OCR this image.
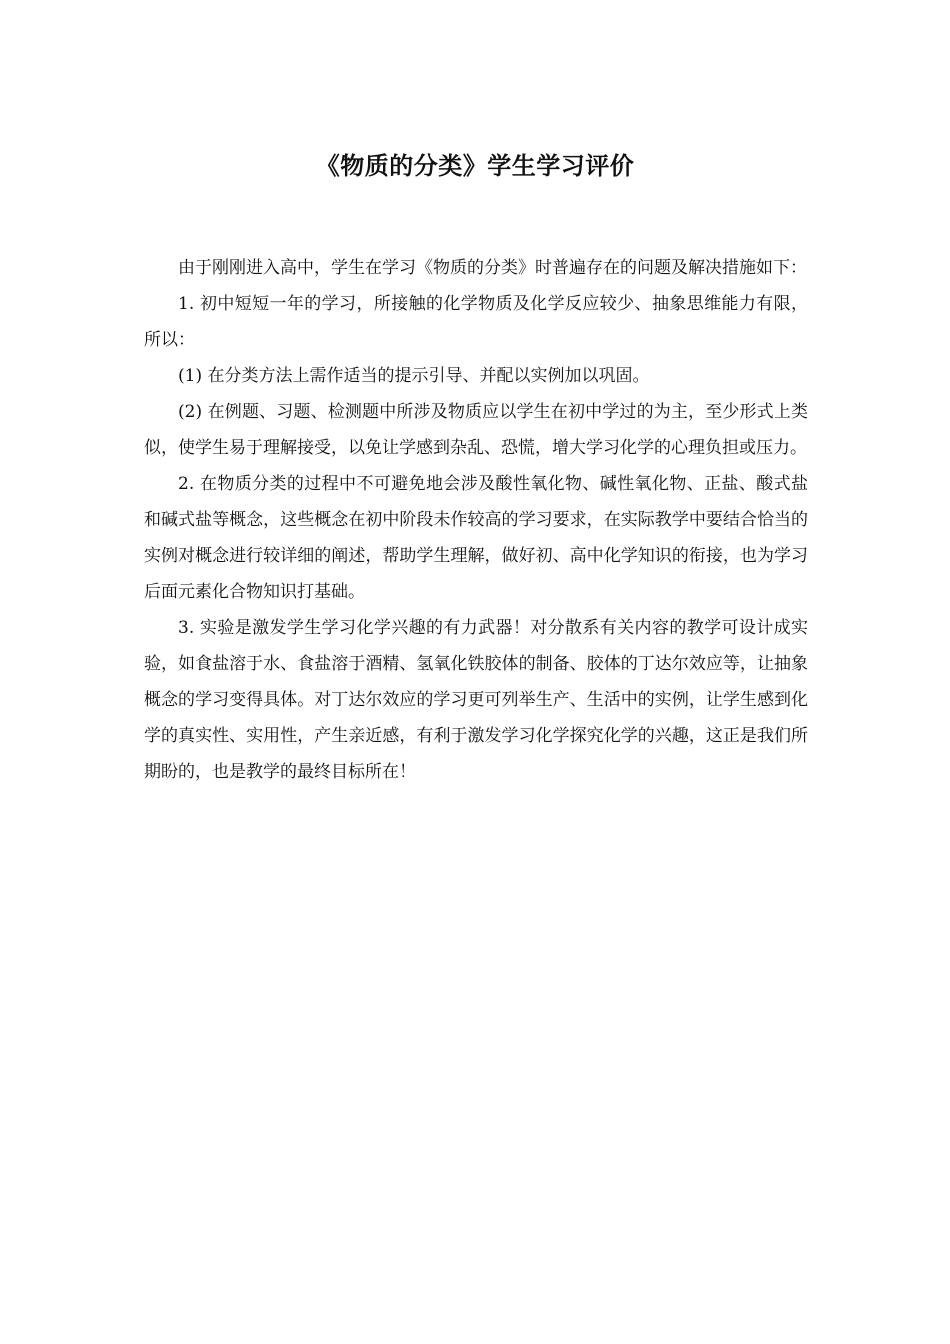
《物质的分类》学生学习评价

由于刚刚进入高中，学生在学习《物质的分类》时普遍存在的问题及解决措施如下：

1. 初中短短一年的学习，所接触的化学物质及化学反应较少、抽象思维能力有限，所以：

(1) 在分类方法上需作适当的提示引导、并配以实例加以巩固。

(2) 在例题、习题、检测题中所涉及物质应以学生在初中学过的为主，至少形式上类似，使学生易于理解接受，以免让学感到杂乱、恐慌，增大学习化学的心理负担或压力。

2. 在物质分类的过程中不可避免地会涉及酸性氧化物、碱性氧化物、正盐、酸式盐和碱式盐等概念，这些概念在初中阶段未作较高的学习要求，在实际教学中要结合恰当的实例对概念进行较详细的阐述，帮助学生理解，做好初、高中化学知识的衔接，也为学习后面元素化合物知识打基础。

3. 实验是激发学生学习化学兴趣的有力武器！对分散系有关内容的教学可设计成实验，如食盐溶于水、食盐溶于酒精、氢氧化铁胶体的制备、胶体的丁达尔效应等，让抽象概念的学习变得具体。对丁达尔效应的学习更可列举生产、生活中的实例，让学生感到化学的真实性、实用性，产生亲近感，有利于激发学习化学探究化学的兴趣，这正是我们所期盼的，也是教学的最终目标所在！
